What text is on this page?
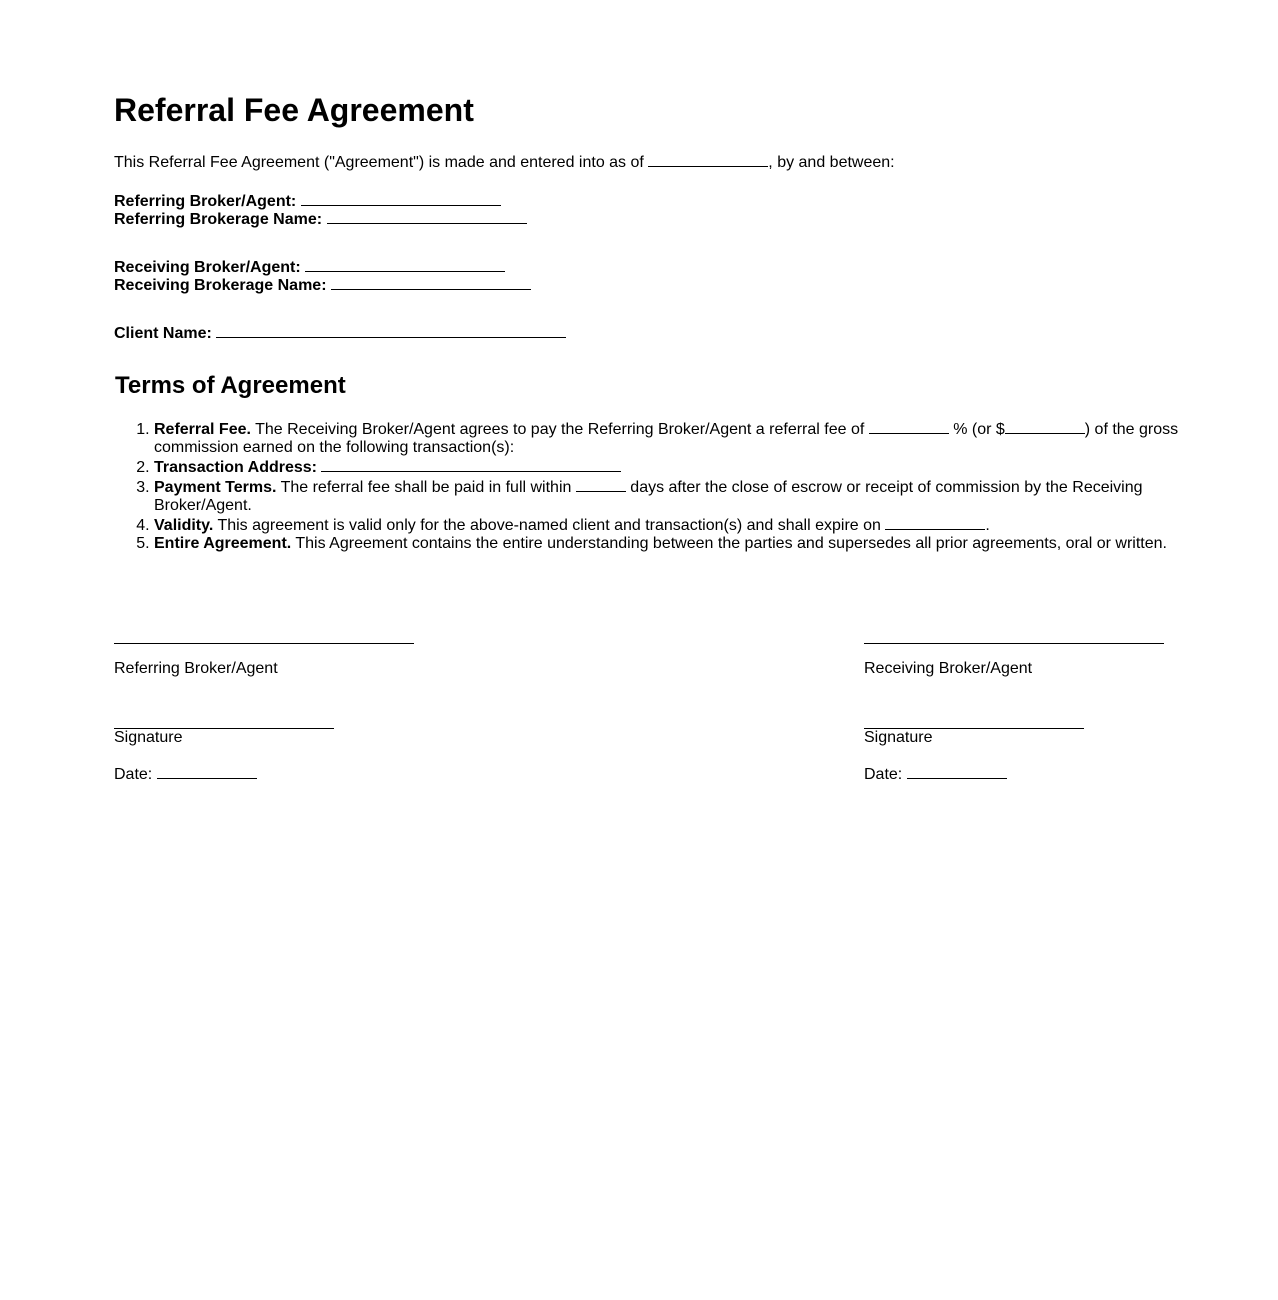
Referral Fee Agreement
This Referral Fee Agreement ("Agreement") is made and entered into as of	, by and between:
Referring Broker/Agent:
Referring Brokerage Name:
Receiving Broker/Agent:
Receiving Brokerage Name:
Client Name:
Terms of Agreement
1. Referral Fee. The Receiving Broker/Agent agrees to pay the Referring Broker/Agent a referral fee of	% (or $	) of the gross commission earned on the following transaction(s):
2. Transaction Address:
3. Payment Terms. The referral fee shall be paid in full within	days after the close of escrow or receipt of commission by the Receiving Broker/Agent.
4. Validity. This agreement is valid only for the above-named client and transaction(s) and shall expire on	.
5. Entire Agreement. This Agreement contains the entire understanding between the parties and supersedes all prior agreements, oral or written.
Referring Broker/Agent
Signature
Date:
Receiving Broker/Agent
Signature
Date:
